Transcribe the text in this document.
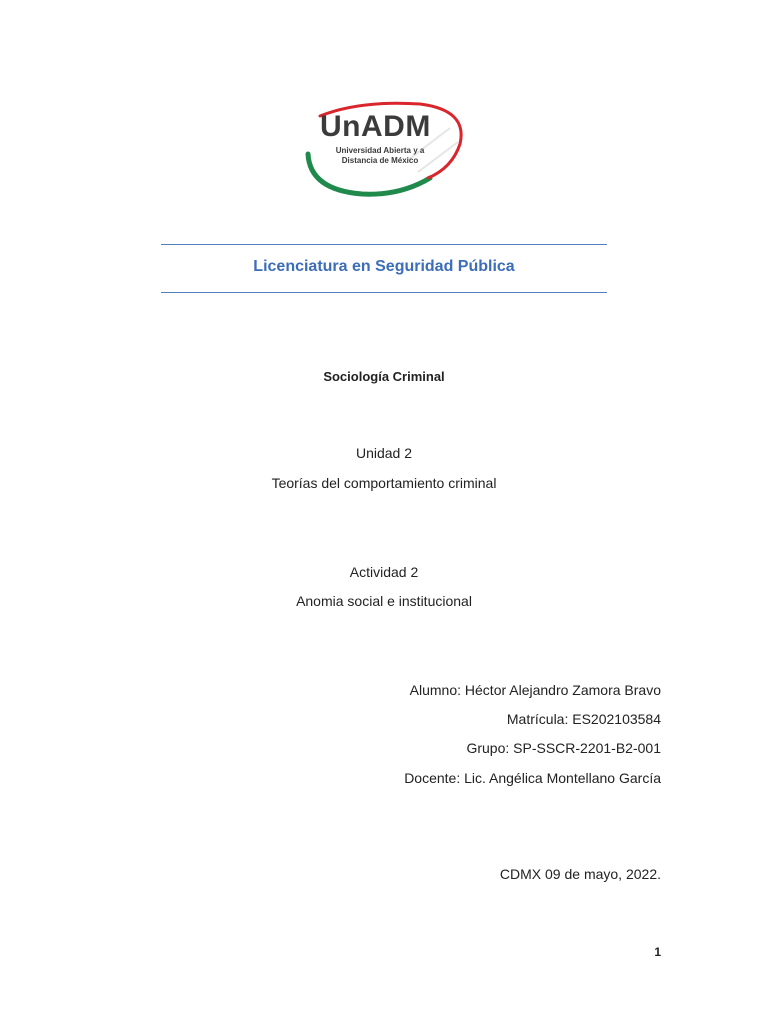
UnADM
Universidad Abierta y a Distancia de México
Licenciatura en Seguridad Pública
Sociología Criminal
Unidad 2
Teorías del comportamiento criminal
Actividad 2
Anomia social e institucional
Alumno: Héctor Alejandro Zamora Bravo
Matrícula: ES202103584
Grupo: SP-SSCR-2201-B2-001
Docente: Lic. Angélica Montellano García
CDMX 09 de mayo, 2022.
1
